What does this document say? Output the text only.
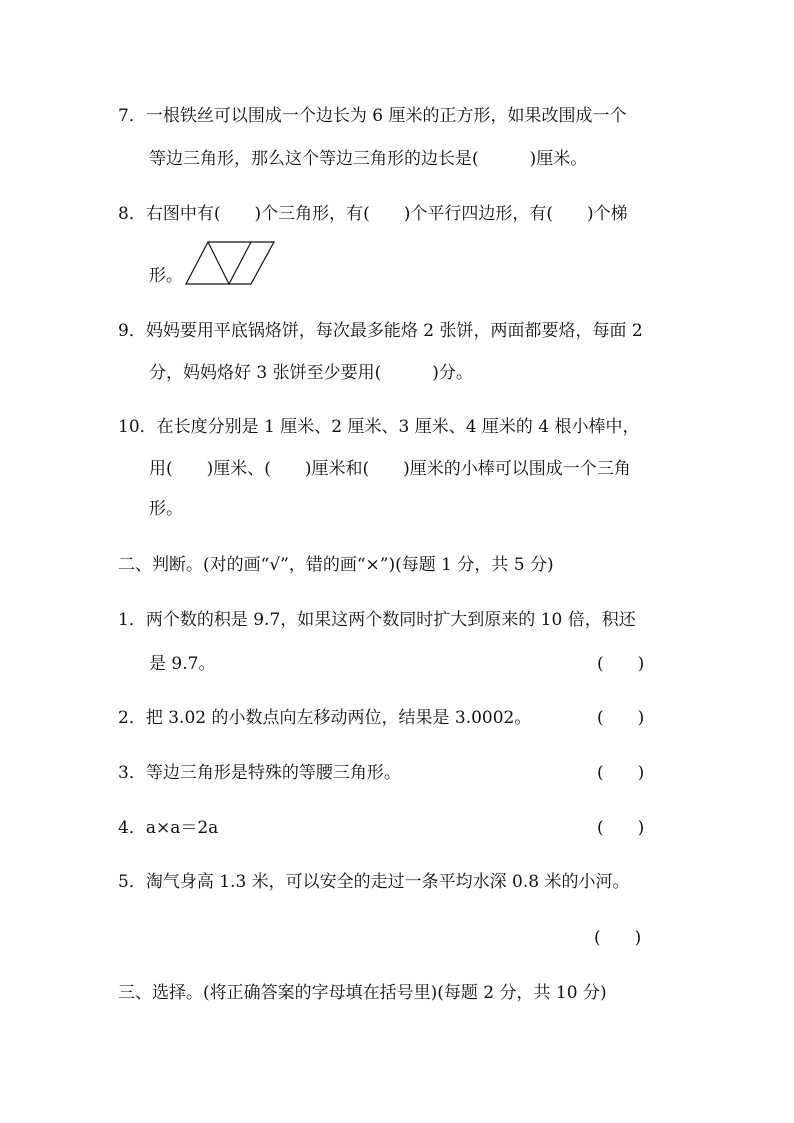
7．一根铁丝可以围成一个边长为 6 厘米的正方形，如果改围成一个
等边三角形，那么这个等边三角形的边长是(　　　)厘米。
8．右图中有(　　)个三角形，有(　　)个平行四边形，有(　　)个梯
形。
9．妈妈要用平底锅烙饼，每次最多能烙 2 张饼，两面都要烙，每面 2
分，妈妈烙好 3 张饼至少要用(　　　)分。
10．在长度分别是 1 厘米、2 厘米、3 厘米、4 厘米的 4 根小棒中，
用(　　)厘米、(　　)厘米和(　　)厘米的小棒可以围成一个三角
形。
二、判断。(对的画“√”，错的画“×”)(每题 1 分，共 5 分)
1．两个数的积是 9.7，如果这两个数同时扩大到原来的 10 倍，积还
是 9.7。	(　　)
2．把 3.02 的小数点向左移动两位，结果是 3.0002。	(　　)
3．等边三角形是特殊的等腰三角形。	(　　)
4．a×a＝2a	(　　)
5．淘气身高 1.3 米，可以安全的走过一条平均水深 0.8 米的小河。
(　　)
三、选择。(将正确答案的字母填在括号里)(每题 2 分，共 10 分)
